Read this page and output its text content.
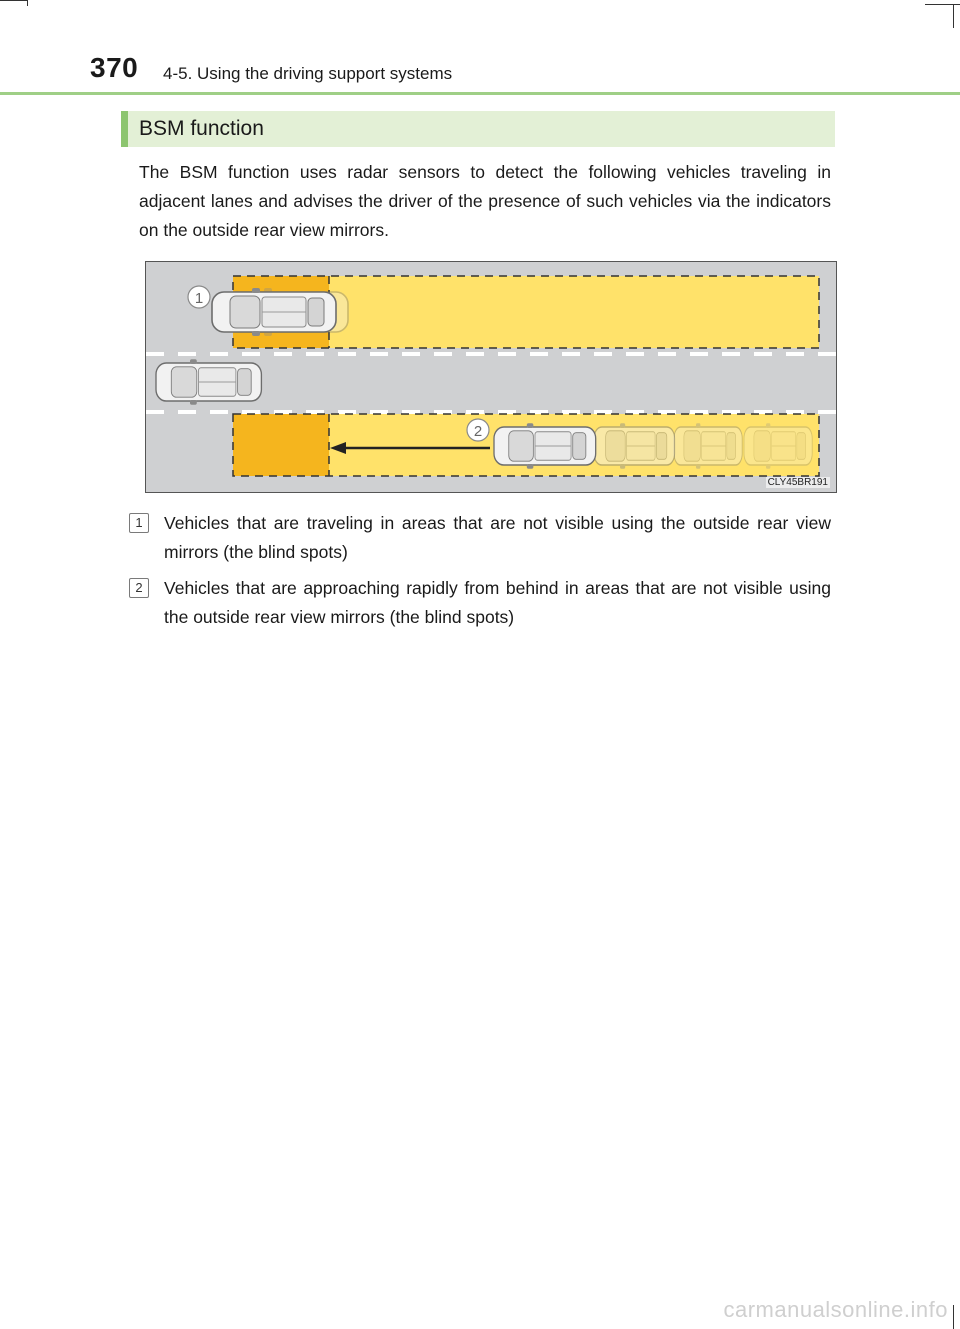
370 4-5. Using the driving support systems
BSM function
The BSM function uses radar sensors to detect the following vehicles traveling in adjacent lanes and advises the driver of the presence of such vehicles via the indicators on the outside rear view mirrors.
1
2
CLY45BR191
1	Vehicles that are traveling in areas that are not visible using the outside rear view mirrors (the blind spots)
2	Vehicles that are approaching rapidly from behind in areas that are not visible using the outside rear view mirrors (the blind spots)
carmanualsonline.info
